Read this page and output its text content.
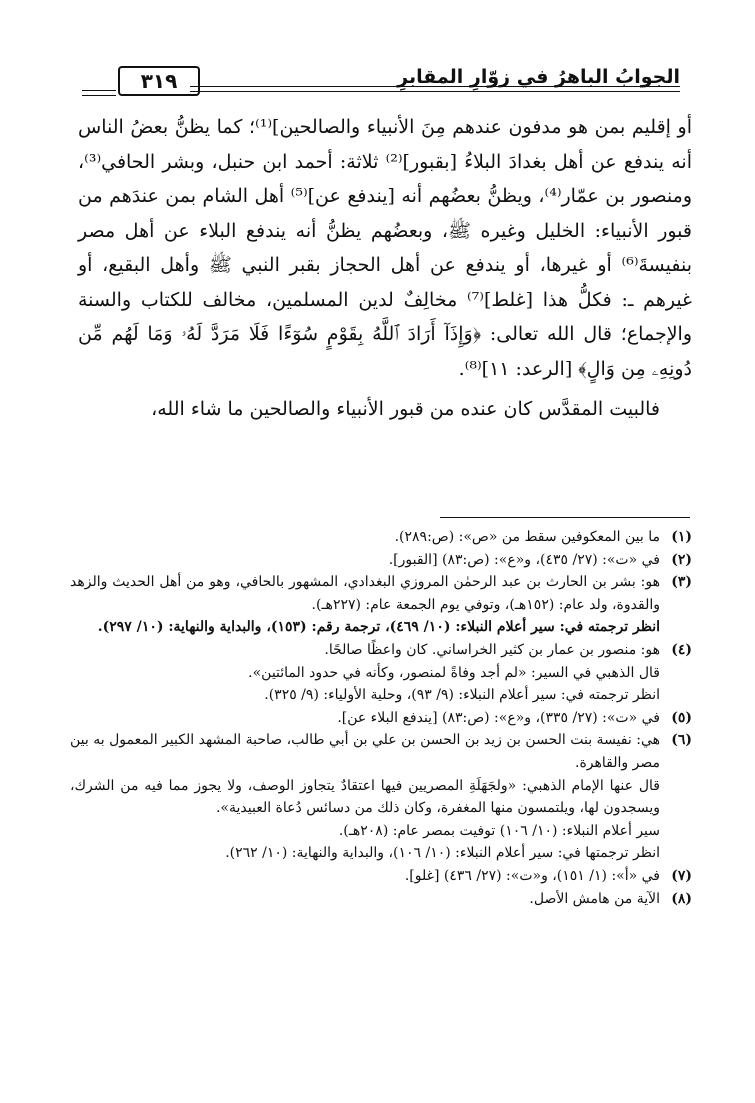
الجوابُ الباهرُ في زوّارِ المقابرِ
٣١٩

أو إقليم بمن هو مدفون عندهم مِنَ الأنبياء والصالحين]⁽¹⁾؛ كما يظنُّ بعضُ الناس أنه يندفع عن أهل بغدادَ البلاءُ [بقبور]⁽²⁾ ثلاثة: أحمد ابن حنبل، وبشر الحافي⁽³⁾، ومنصور بن عمّار⁽⁴⁾، ويظنُّ بعضُهم أنه [يندفع عن]⁽⁵⁾ أهل الشام بمن عندَهم من قبور الأنبياء: الخليل وغيره ﷺ، وبعضُهم يظنُّ أنه يندفع البلاء عن أهل مصر بنفيسةَ⁽⁶⁾ أو غيرها، أو يندفع عن أهل الحجاز بقبر النبي ﷺ وأهل البقيع، أو غيرهم ـ: فكلُّ هذا [غلط]⁽⁷⁾ مخالِفٌ لدين المسلمين، مخالف للكتاب والسنة والإجماع؛ قال الله تعالى: ﴿وَإِذَآ أَرَادَ ٱللَّهُ بِقَوْمٍ سُوٓءًا فَلَا مَرَدَّ لَهُۥ وَمَا لَهُم مِّن دُونِهِۦ مِن وَالٍ﴾ [الرعد: ١١]⁽⁸⁾.

فالبيت المقدَّس كان عنده من قبور الأنبياء والصالحين ما شاء الله،

(١)
ما بين المعكوفين سقط من «ص»: (ص:٢٨٩).
(٢)
في «ت»: (٢٧/ ٤٣٥)، و«ع»: (ص:٨٣) [القبور].
(٣)
هو: بشر بن الحارث بن عبد الرحمٰن المروزي البغدادي، المشهور بالحافي، وهو من أهل الحديث والزهد والقدوة، ولد عام: (١٥٢هـ)، وتوفي يوم الجمعة عام: (٢٢٧هـ).
انظر ترجمته في: سير أعلام النبلاء: (١٠/ ٤٦٩)، ترجمة رقم: (١٥٣)، والبداية والنهاية: (١٠/ ٢٩٧).
(٤)
هو: منصور بن عمار بن كثير الخراساني. كان واعظًا صالحًا.
قال الذهبي في السير: «لم أجد وفاةً لمنصور، وكأنه في حدود المائتين».
انظر ترجمته في: سير أعلام النبلاء: (٩/ ٩٣)، وحلية الأولياء: (٩/ ٣٢٥).
(٥)
في «ت»: (٢٧/ ٣٣٥)، و«ع»: (ص:٨٣) [يندفع البلاء عن].
(٦)
هي: نفيسة بنت الحسن بن زيد بن الحسن بن علي بن أبي طالب، صاحبة المشهد الكبير المعمول به بين مصر والقاهرة.
قال عنها الإمام الذهبي: «ولجَهَلَةِ المصريين فيها اعتقادٌ يتجاوز الوصف، ولا يجوز مما فيه من الشرك، ويسجدون لها، ويلتمسون منها المغفرة، وكان ذلك من دسائس دُعاة العبيدية».
سير أعلام النبلاء: (١٠/ ١٠٦) توفيت بمصر عام: (٢٠٨هـ).
انظر ترجمتها في: سير أعلام النبلاء: (١٠/ ١٠٦)، والبداية والنهاية: (١٠/ ٢٦٢).
(٧)
في «أ»: (١/ ١٥١)، و«ت»: (٢٧/ ٤٣٦) [غلو].
(٨)
الآية من هامش الأصل.
